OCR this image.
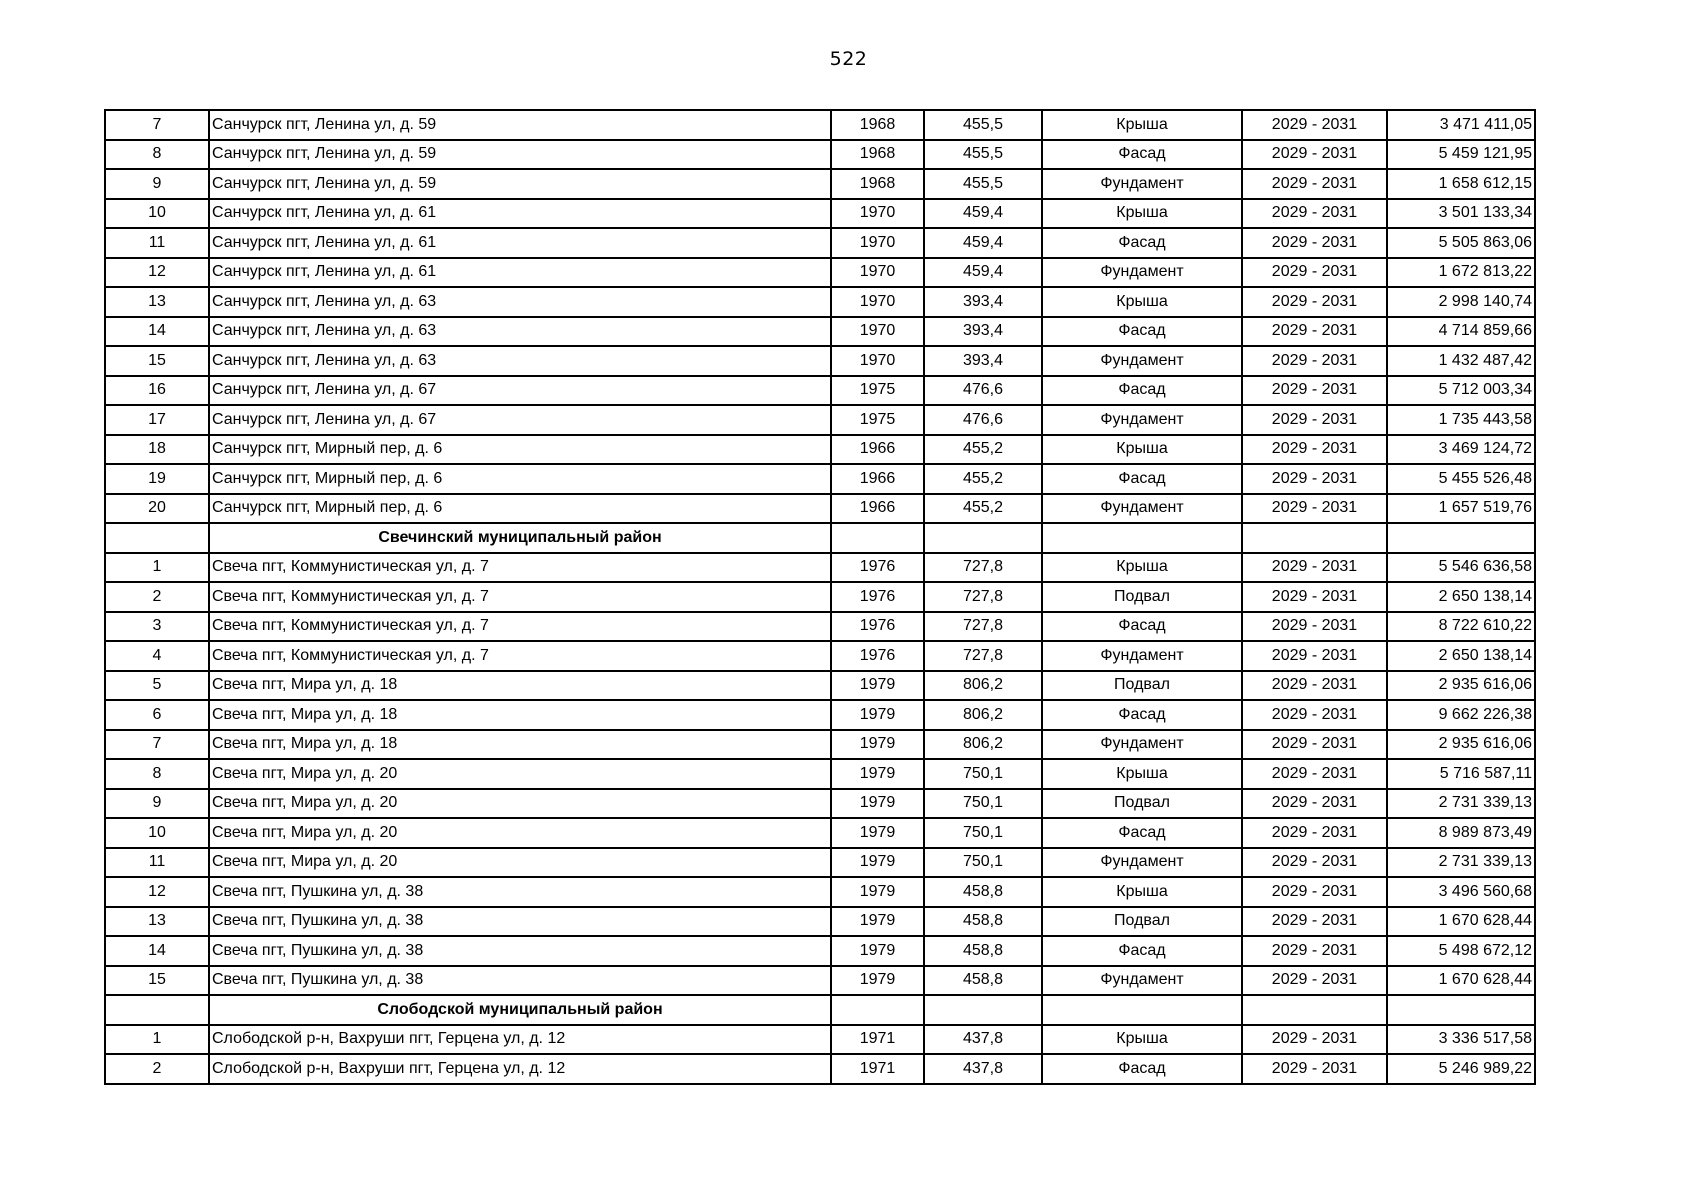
522
7	Санчурск пгт, Ленина ул, д. 59	1968	455,5	Крыша	2029 - 2031	3 471 411,05
8	Санчурск пгт, Ленина ул, д. 59	1968	455,5	Фасад	2029 - 2031	5 459 121,95
9	Санчурск пгт, Ленина ул, д. 59	1968	455,5	Фундамент	2029 - 2031	1 658 612,15
10	Санчурск пгт, Ленина ул, д. 61	1970	459,4	Крыша	2029 - 2031	3 501 133,34
11	Санчурск пгт, Ленина ул, д. 61	1970	459,4	Фасад	2029 - 2031	5 505 863,06
12	Санчурск пгт, Ленина ул, д. 61	1970	459,4	Фундамент	2029 - 2031	1 672 813,22
13	Санчурск пгт, Ленина ул, д. 63	1970	393,4	Крыша	2029 - 2031	2 998 140,74
14	Санчурск пгт, Ленина ул, д. 63	1970	393,4	Фасад	2029 - 2031	4 714 859,66
15	Санчурск пгт, Ленина ул, д. 63	1970	393,4	Фундамент	2029 - 2031	1 432 487,42
16	Санчурск пгт, Ленина ул, д. 67	1975	476,6	Фасад	2029 - 2031	5 712 003,34
17	Санчурск пгт, Ленина ул, д. 67	1975	476,6	Фундамент	2029 - 2031	1 735 443,58
18	Санчурск пгт, Мирный пер, д. 6	1966	455,2	Крыша	2029 - 2031	3 469 124,72
19	Санчурск пгт, Мирный пер, д. 6	1966	455,2	Фасад	2029 - 2031	5 455 526,48
20	Санчурск пгт, Мирный пер, д. 6	1966	455,2	Фундамент	2029 - 2031	1 657 519,76
	Свечинский муниципальный район					
1	Свеча пгт, Коммунистическая ул, д. 7	1976	727,8	Крыша	2029 - 2031	5 546 636,58
2	Свеча пгт, Коммунистическая ул, д. 7	1976	727,8	Подвал	2029 - 2031	2 650 138,14
3	Свеча пгт, Коммунистическая ул, д. 7	1976	727,8	Фасад	2029 - 2031	8 722 610,22
4	Свеча пгт, Коммунистическая ул, д. 7	1976	727,8	Фундамент	2029 - 2031	2 650 138,14
5	Свеча пгт, Мира ул, д. 18	1979	806,2	Подвал	2029 - 2031	2 935 616,06
6	Свеча пгт, Мира ул, д. 18	1979	806,2	Фасад	2029 - 2031	9 662 226,38
7	Свеча пгт, Мира ул, д. 18	1979	806,2	Фундамент	2029 - 2031	2 935 616,06
8	Свеча пгт, Мира ул, д. 20	1979	750,1	Крыша	2029 - 2031	5 716 587,11
9	Свеча пгт, Мира ул, д. 20	1979	750,1	Подвал	2029 - 2031	2 731 339,13
10	Свеча пгт, Мира ул, д. 20	1979	750,1	Фасад	2029 - 2031	8 989 873,49
11	Свеча пгт, Мира ул, д. 20	1979	750,1	Фундамент	2029 - 2031	2 731 339,13
12	Свеча пгт, Пушкина ул, д. 38	1979	458,8	Крыша	2029 - 2031	3 496 560,68
13	Свеча пгт, Пушкина ул, д. 38	1979	458,8	Подвал	2029 - 2031	1 670 628,44
14	Свеча пгт, Пушкина ул, д. 38	1979	458,8	Фасад	2029 - 2031	5 498 672,12
15	Свеча пгт, Пушкина ул, д. 38	1979	458,8	Фундамент	2029 - 2031	1 670 628,44
	Слободской муниципальный район					
1	Слободской р-н, Вахруши пгт, Герцена ул, д. 12	1971	437,8	Крыша	2029 - 2031	3 336 517,58
2	Слободской р-н, Вахруши пгт, Герцена ул, д. 12	1971	437,8	Фасад	2029 - 2031	5 246 989,22
